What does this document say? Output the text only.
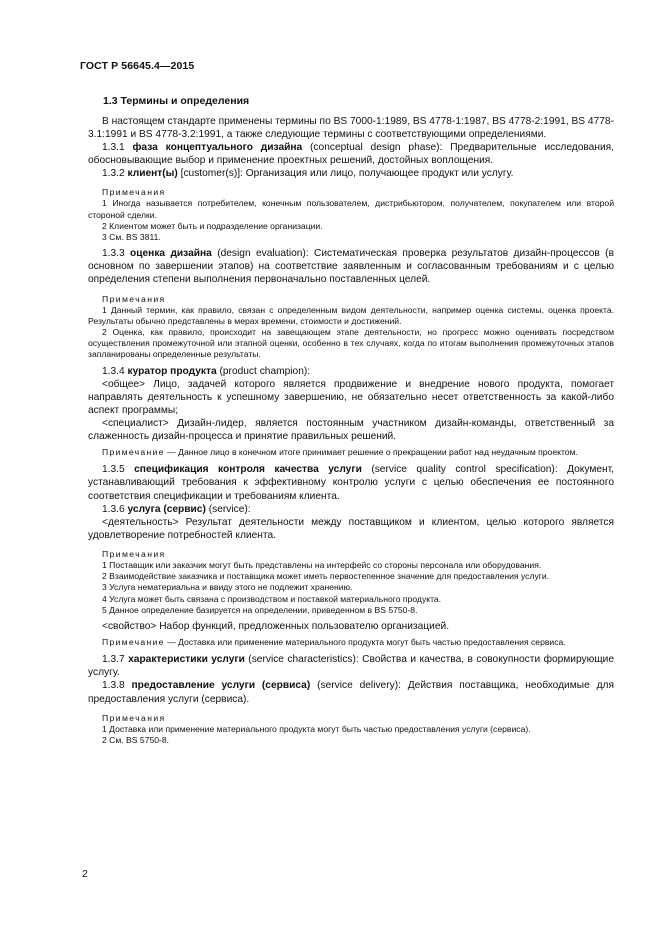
ГОСТ Р 56645.4—2015
1.3 Термины и определения

В настоящем стандарте применены термины по BS 7000-1:1989, BS 4778-1:1987, BS 4778-2:1991, BS 4778-3.1:1991 и BS 4778-3.2:1991, а также следующие термины с соответствующими определениями.

1.3.1 фаза концептуального дизайна (conceptual design phase): Предварительные исследования, обосновывающие выбор и применение проектных решений, достойных воплощения.

1.3.2 клиент(ы) [customer(s)]: Организация или лицо, получающее продукт или услугу.

Примечания

1 Иногда называется потребителем, конечным пользователем, дистрибьютором, получателем, покупателем или второй стороной сделки.

2 Клиентом может быть и подразделение организации.

3 См. BS 3811.

1.3.3 оценка дизайна (design evaluation): Систематическая проверка результатов дизайн-процессов (в основном по завершении этапов) на соответствие заявленным и согласованным требованиям и с целью определения степени выполнения первоначально поставленных целей.

Примечания

1 Данный термин, как правило, связан с определенным видом деятельности, например оценка системы, оценка проекта. Результаты обычно представлены в мерах времени, стоимости и достижений.

2 Оценка, как правило, происходит на завещающем этапе деятельности, но прогресс можно оценивать посредством осуществления промежуточной или этапной оценки, особенно в тех случаях, когда по итогам выполнения промежуточных этапов запланированы определенные результаты.

1.3.4 куратор продукта (product champion):

<общее> Лицо, задачей которого является продвижение и внедрение нового продукта, помогает направлять деятельность к успешному завершению, не обязательно несет ответственность за какой-либо аспект программы;

<специалист> Дизайн-лидер, является постоянным участником дизайн-команды, ответственный за слаженность дизайн-процесса и принятие правильных решений.

Примечание — Данное лицо в конечном итоге принимает решение о прекращении работ над неудачным проектом.

1.3.5 спецификация контроля качества услуги (service quality control specification): Документ, устанавливающий требования к эффективному контролю услуги с целью обеспечения ее постоянного соответствия спецификации и требованиям клиента.

1.3.6 услуга (сервис) (service):

<деятельность> Результат деятельности между поставщиком и клиентом, целью которого является удовлетворение потребностей клиента.

Примечания

1 Поставщик или заказчик могут быть представлены на интерфейс со стороны персонала или оборудования.

2 Взаимодействие заказчика и поставщика может иметь первостепенное значение для предоставления услуги.

3 Услуга нематериальна и ввиду этого не подлежит хранению.

4 Услуга может быть связана с производством и поставкой материального продукта.

5 Данное определение базируется на определении, приведенном в BS 5750-8.

<свойство> Набор функций, предложенных пользователю организацией.

Примечание — Доставка или применение материального продукта могут быть частью предоставления сервиса.

1.3.7 характеристики услуги (service characteristics): Свойства и качества, в совокупности формирующие услугу.

1.3.8 предоставление услуги (сервиса) (service delivery): Действия поставщика, необходимые для предоставления услуги (сервиса).

Примечания

1 Доставка или применение материального продукта могут быть частью предоставления услуги (сервиса).

2 См. BS 5750-8.

2
